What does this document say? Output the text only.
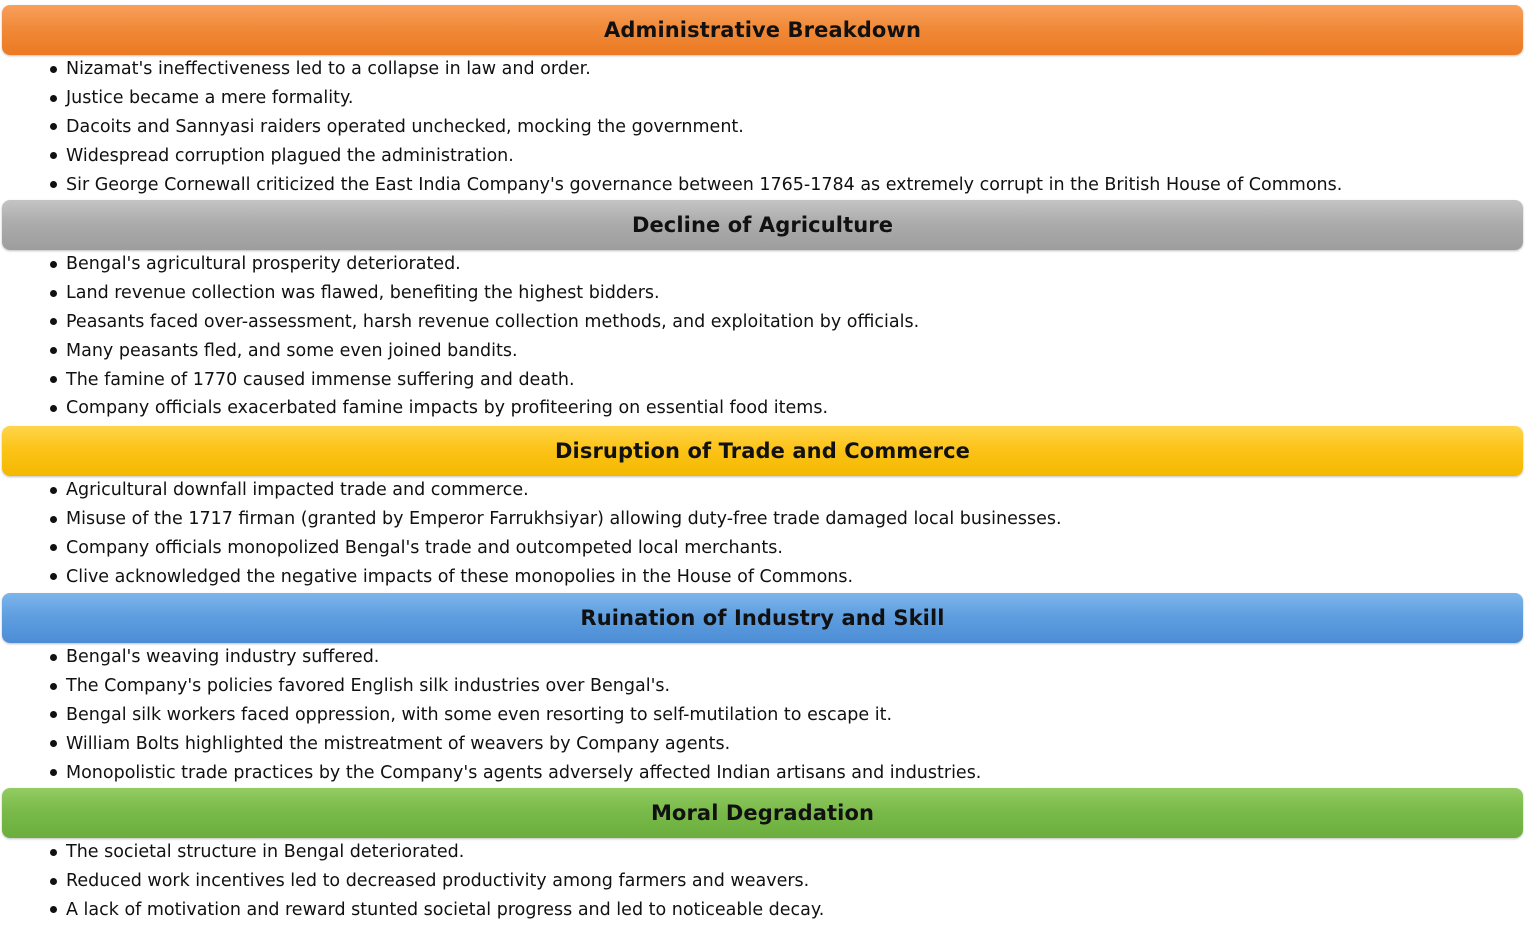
Administrative Breakdown
Nizamat's ineffectiveness led to a collapse in law and order.
Justice became a mere formality.
Dacoits and Sannyasi raiders operated unchecked, mocking the government.
Widespread corruption plagued the administration.
Sir George Cornewall criticized the East India Company's governance between 1765-1784 as extremely corrupt in the British House of Commons.
Decline of Agriculture
Bengal's agricultural prosperity deteriorated.
Land revenue collection was flawed, benefiting the highest bidders.
Peasants faced over-assessment, harsh revenue collection methods, and exploitation by officials.
Many peasants fled, and some even joined bandits.
The famine of 1770 caused immense suffering and death.
Company officials exacerbated famine impacts by profiteering on essential food items.
Disruption of Trade and Commerce
Agricultural downfall impacted trade and commerce.
Misuse of the 1717 firman (granted by Emperor Farrukhsiyar) allowing duty-free trade damaged local businesses.
Company officials monopolized Bengal's trade and outcompeted local merchants.
Clive acknowledged the negative impacts of these monopolies in the House of Commons.
Ruination of Industry and Skill
Bengal's weaving industry suffered.
The Company's policies favored English silk industries over Bengal's.
Bengal silk workers faced oppression, with some even resorting to self-mutilation to escape it.
William Bolts highlighted the mistreatment of weavers by Company agents.
Monopolistic trade practices by the Company's agents adversely affected Indian artisans and industries.
Moral Degradation
The societal structure in Bengal deteriorated.
Reduced work incentives led to decreased productivity among farmers and weavers.
A lack of motivation and reward stunted societal progress and led to noticeable decay.
